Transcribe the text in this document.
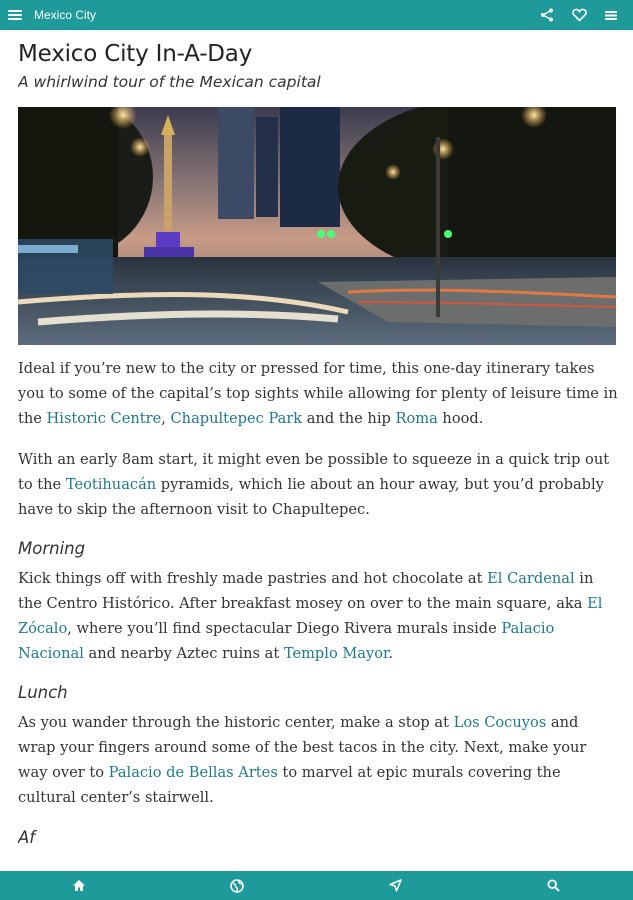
Mexico City
Mexico City In-A-Day
A whirlwind tour of the Mexican capital

Ideal if you’re new to the city or pressed for time, this one-day itinerary takes you to some of the capital’s top sights while allowing for plenty of leisure time in the Historic Centre, Chapultepec Park and the hip Roma hood.

With an early 8am start, it might even be possible to squeeze in a quick trip out to the Teotihuacán pyramids, which lie about an hour away, but you’d probably have to skip the afternoon visit to Chapultepec.

Morning

Kick things off with freshly made pastries and hot chocolate at El Cardenal in the Centro Histórico. After breakfast mosey on over to the main square, aka El Zócalo, where you’ll find spectacular Diego Rivera murals inside Palacio Nacional and nearby Aztec ruins at Templo Mayor.

Lunch

As you wander through the historic center, make a stop at Los Cocuyos and wrap your fingers around some of the best tacos in the city. Next, make your way over to Palacio de Bellas Artes to marvel at epic murals covering the cultural center’s stairwell.

Af
